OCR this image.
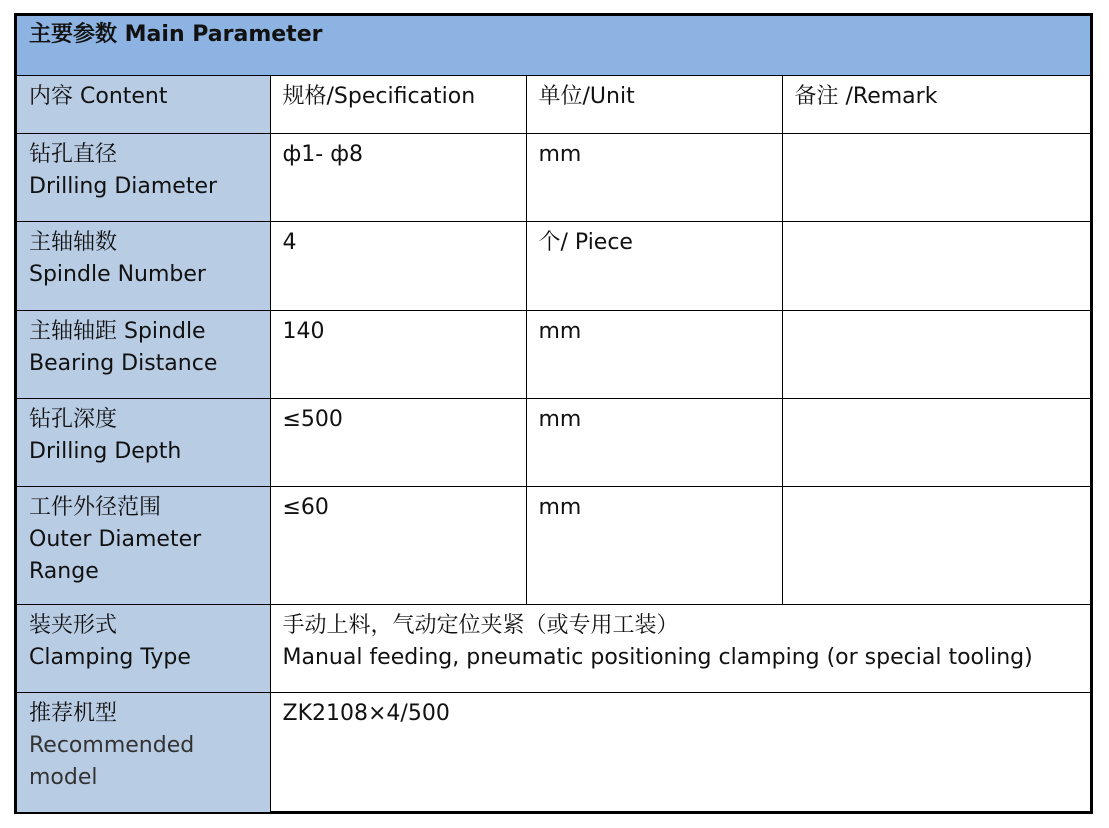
主要参数 Main Parameter			
内容 Content	规格/Specification	单位/Unit	备注 /Remark

钻孔直径
Drilling Diameter	ф1- ф8	mm	

主轴轴数
Spindle Number	4	个/ Piece	

主轴轴距 Spindle
Bearing Distance	140	mm	

钻孔深度
Drilling Depth	≤500	mm	

工件外径范围
Outer Diameter Range	≤60	mm	

装夹形式
Clamping Type	手动上料，气动定位夹紧（或专用工装）
Manual feeding, pneumatic positioning clamping (or special tooling)		

推荐机型
Recommended model	ZK2108×4/500		
